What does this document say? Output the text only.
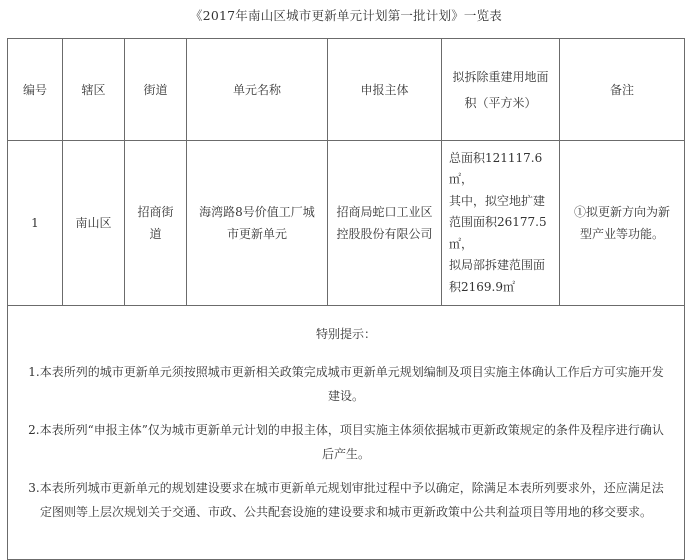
《2017年南山区城市更新单元计划第一批计划》一览表
编号	辖区	街道	单元名称	申报主体	拟拆除重建用地面积（平方米）	备注
1	南山区	招商街道	海湾路8号价值工厂城市更新单元	招商局蛇口工业区控股股份有限公司	总面积121117.6㎡，
其中，拟空地扩建
范围面积26177.5㎡，
拟局部拆建范围面
积2169.9㎡	①拟更新方向为新型产业等功能。

特别提示：
1.本表所列的城市更新单元须按照城市更新相关政策完成城市更新单元规划编制及项目实施主体确认工作后方可实施开发建设。
2.本表所列“申报主体”仅为城市更新单元计划的申报主体，项目实施主体须依据城市更新政策规定的条件及程序进行确认后产生。
3.本表所列城市更新单元的规划建设要求在城市更新单元规划审批过程中予以确定，除满足本表所列要求外，还应满足法定图则等上层次规划关于交通、市政、公共配套设施的建设要求和城市更新政策中公共利益项目等用地的移交要求。						
